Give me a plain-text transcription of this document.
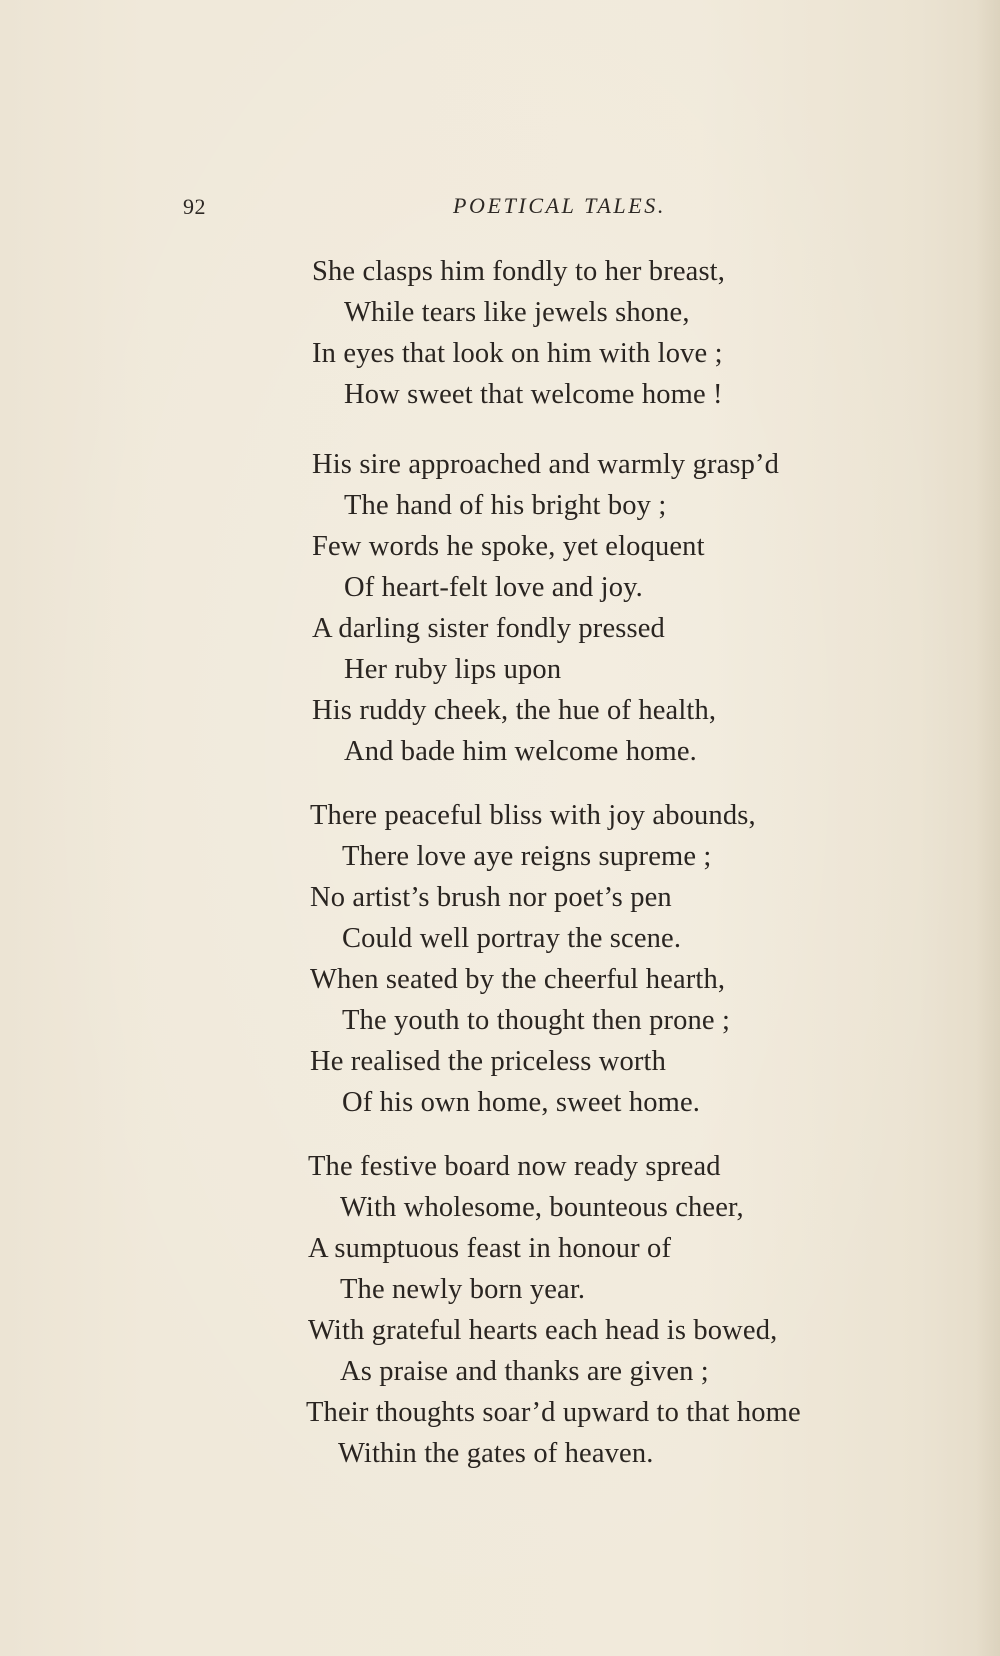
92	POETICAL TALES.
She clasps him fondly to her breast,
While tears like jewels shone,
In eyes that look on him with love ;
How sweet that welcome home !
His sire approached and warmly grasp’d
The hand of his bright boy ;
Few words he spoke, yet eloquent
Of heart-felt love and joy.
A darling sister fondly pressed
Her ruby lips upon
His ruddy cheek, the hue of health,
And bade him welcome home.
There peaceful bliss with joy abounds,
There love aye reigns supreme ;
No artist’s brush nor poet’s pen
Could well portray the scene.
When seated by the cheerful hearth,
The youth to thought then prone ;
He realised the priceless worth
Of his own home, sweet home.
The festive board now ready spread
With wholesome, bounteous cheer,
A sumptuous feast in honour of
The newly born year.
With grateful hearts each head is bowed,
As praise and thanks are given ;
Their thoughts soar’d upward to that home
Within the gates of heaven.
